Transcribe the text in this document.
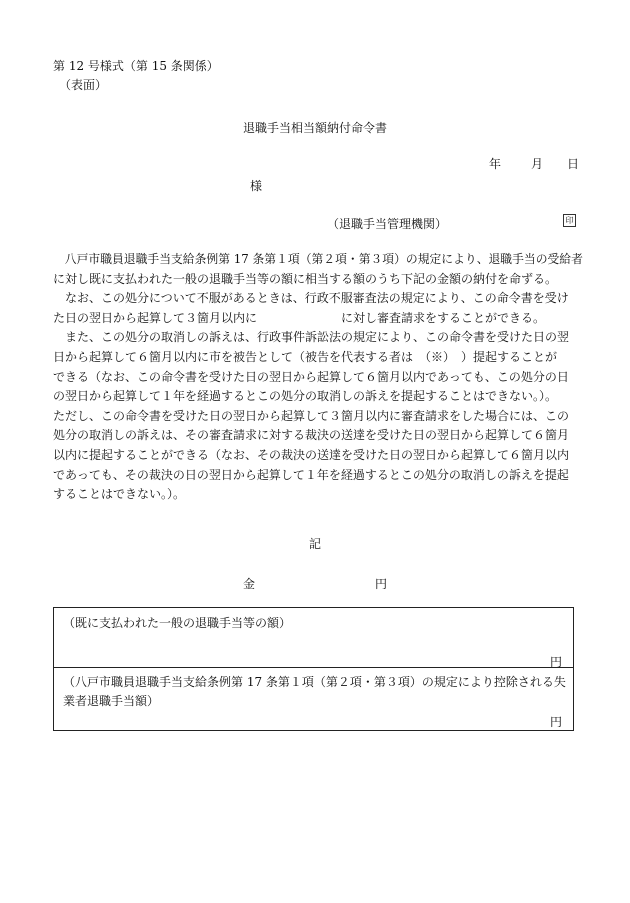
第 12 号様式（第 15 条関係）
（表面）
退職手当相当額納付命令書
年 月 日
様
（退職手当管理機関）	印
　八戸市職員退職手当支給条例第 17 条第１項（第２項・第３項）の規定により、退職手当の受給者
に対し既に支払われた一般の退職手当等の額に相当する額のうち下記の金額の納付を命ずる。
　なお、この処分について不服があるときは、行政不服審査法の規定により、この命令書を受け
た日の翌日から起算して３箇月以内に　　　　　　　に対し審査請求をすることができる。
　また、この処分の取消しの訴えは、行政事件訴訟法の規定により、この命令書を受けた日の翌
日から起算して６箇月以内に市を被告として（被告を代表する者は　（※）　）提起することが
できる（なお、この命令書を受けた日の翌日から起算して６箇月以内であっても、この処分の日
の翌日から起算して１年を経過するとこの処分の取消しの訴えを提起することはできない。）。
ただし、この命令書を受けた日の翌日から起算して３箇月以内に審査請求をした場合には、この
処分の取消しの訴えは、その審査請求に対する裁決の送達を受けた日の翌日から起算して６箇月
以内に提起することができる（なお、その裁決の送達を受けた日の翌日から起算して６箇月以内
であっても、その裁決の日の翌日から起算して１年を経過するとこの処分の取消しの訴えを提起
することはできない。）。
記
金	円
（既に支払われた一般の退職手当等の額）
円
（八戸市職員退職手当支給条例第 17 条第１項（第２項・第３項）の規定により控除される失
業者退職手当額）
円
